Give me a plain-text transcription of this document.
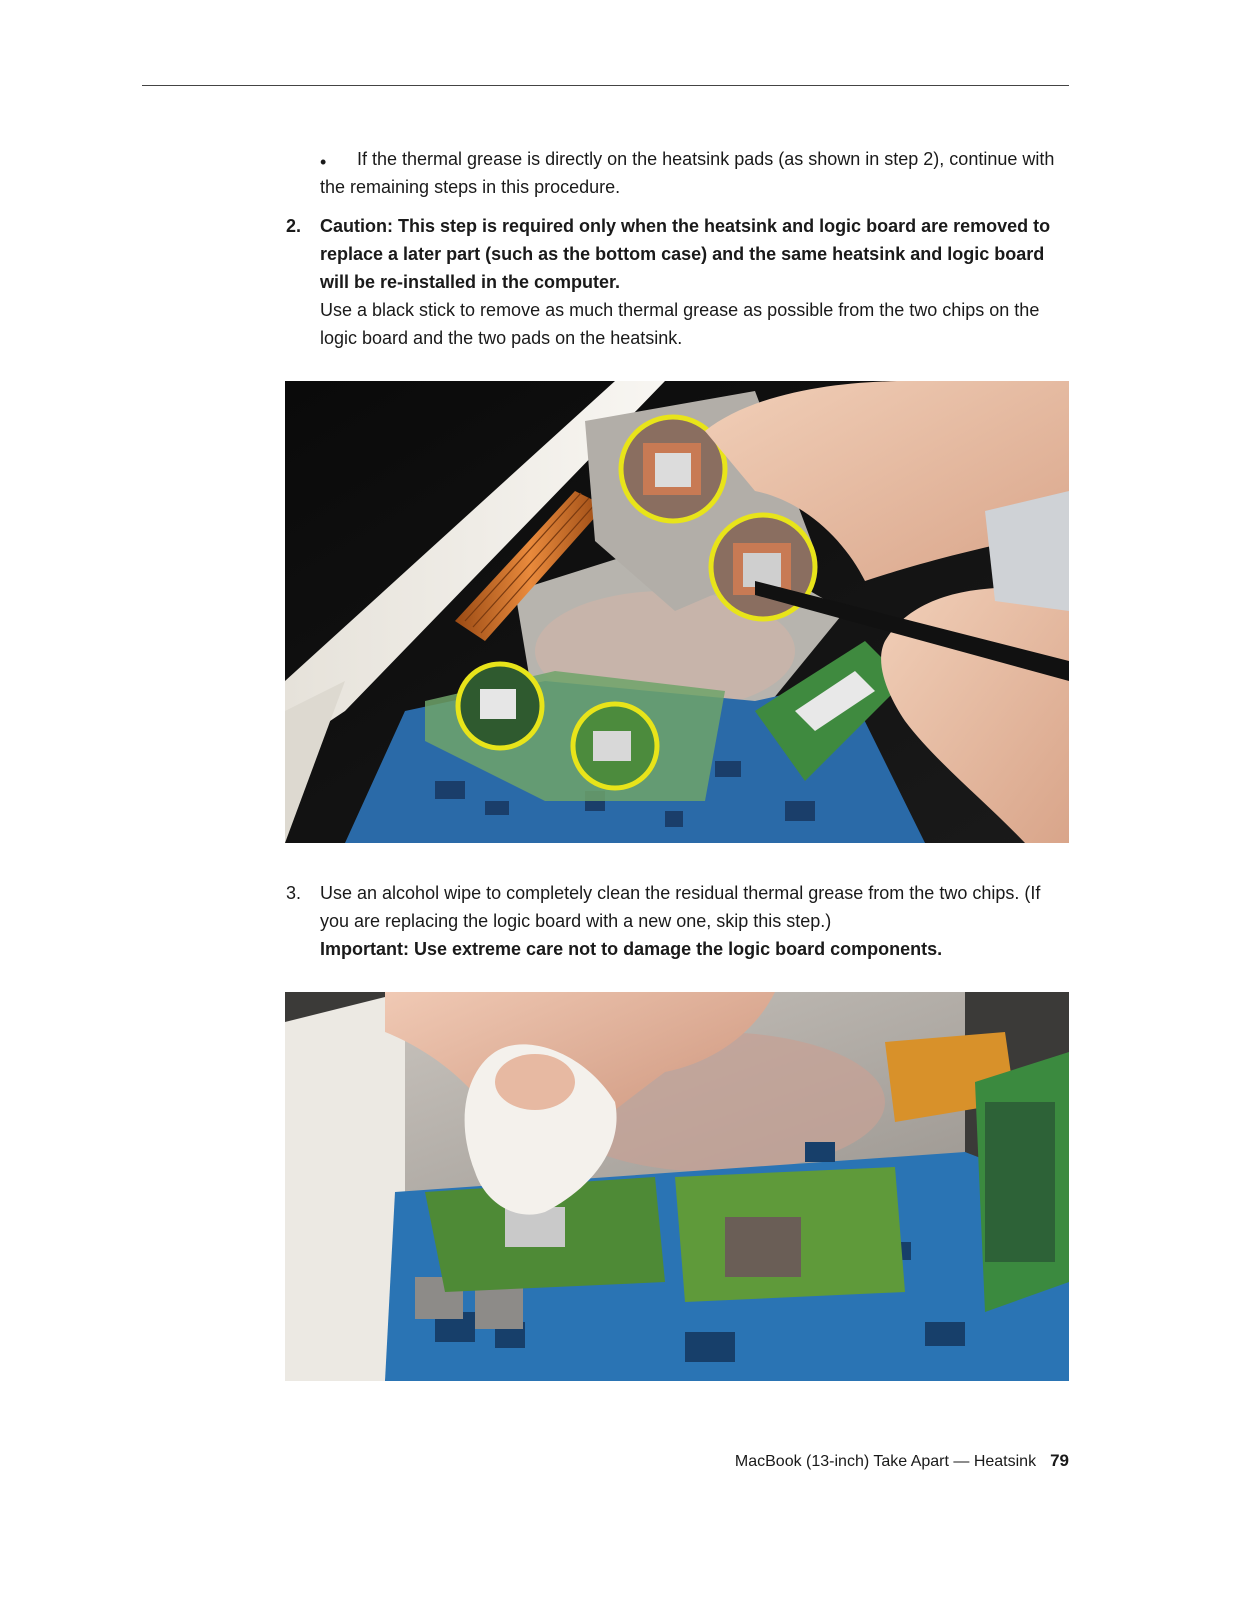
•	If the thermal grease is directly on the heatsink pads (as shown in step 2), continue with the remaining steps in this procedure.
2. Caution: This step is required only when the heatsink and logic board are removed to replace a later part (such as the bottom case) and the same heatsink and logic board will be re-installed in the computer.
Use a black stick to remove as much thermal grease as possible from the two chips on the logic board and the two pads on the heatsink.
3. Use an alcohol wipe to completely clean the residual thermal grease from the two chips. (If you are replacing the logic board with a new one, skip this step.)
Important: Use extreme care not to damage the logic board components.
MacBook (13-inch) Take Apart — Heatsink 79
